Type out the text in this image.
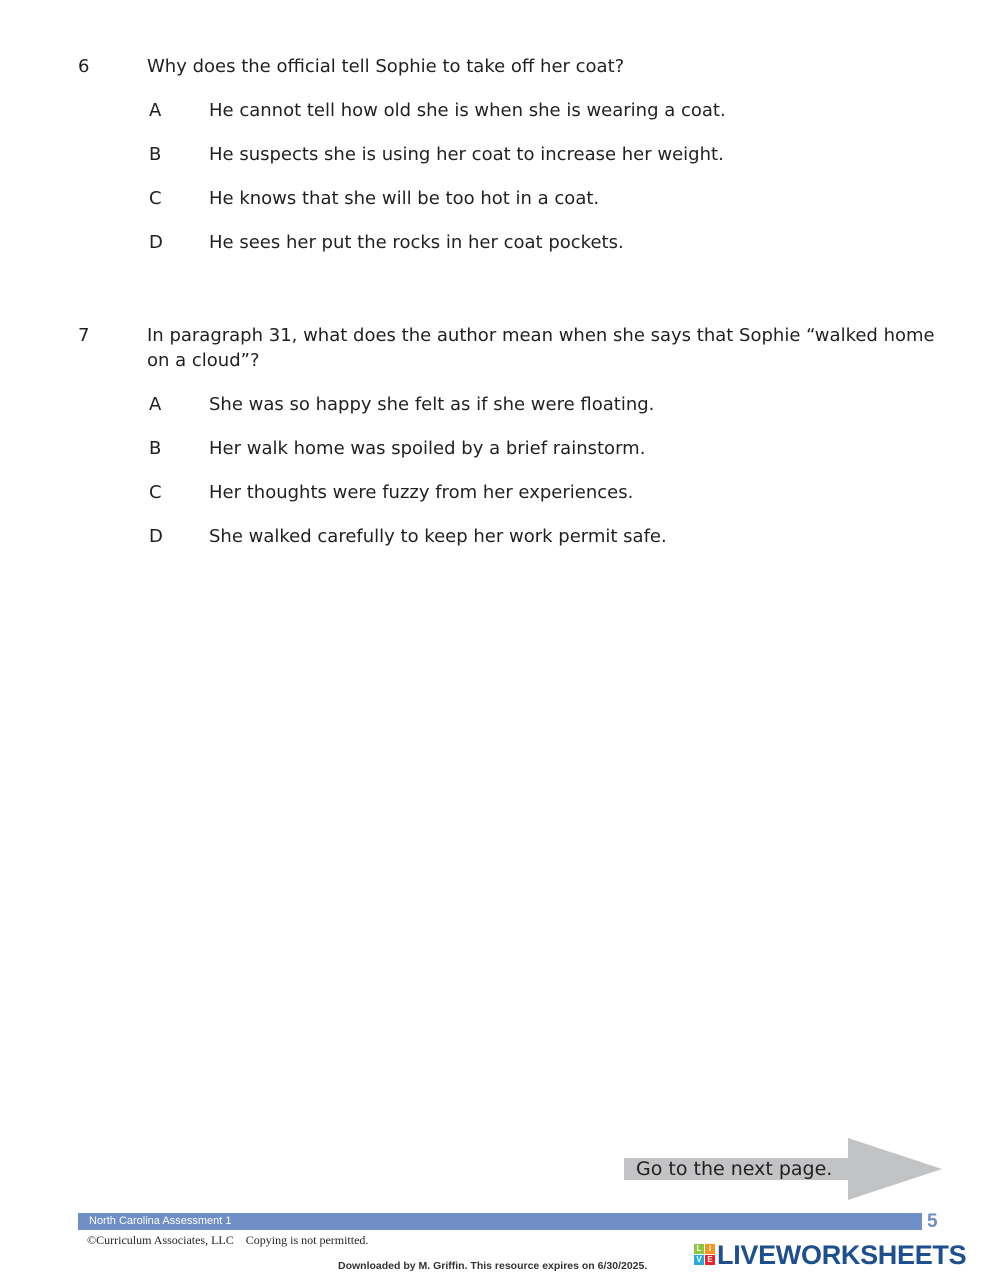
6	Why does the official tell Sophie to take off her coat?
A	He cannot tell how old she is when she is wearing a coat.
B	He suspects she is using her coat to increase her weight.
C	He knows that she will be too hot in a coat.
D	He sees her put the rocks in her coat pockets.
7	In paragraph 31, what does the author mean when she says that Sophie “walked home on a cloud”?
A	She was so happy she felt as if she were floating.
B	Her walk home was spoiled by a brief rainstorm.
C	Her thoughts were fuzzy from her experiences.
D	She walked carefully to keep her work permit safe.
Go to the next page.
North Carolina Assessment 1	5
©Curriculum Associates, LLC    Copying is not permitted.
Downloaded by M. Griffin. This resource expires on 6/30/2025.
L I
V E LIVEWORKSHEETS
